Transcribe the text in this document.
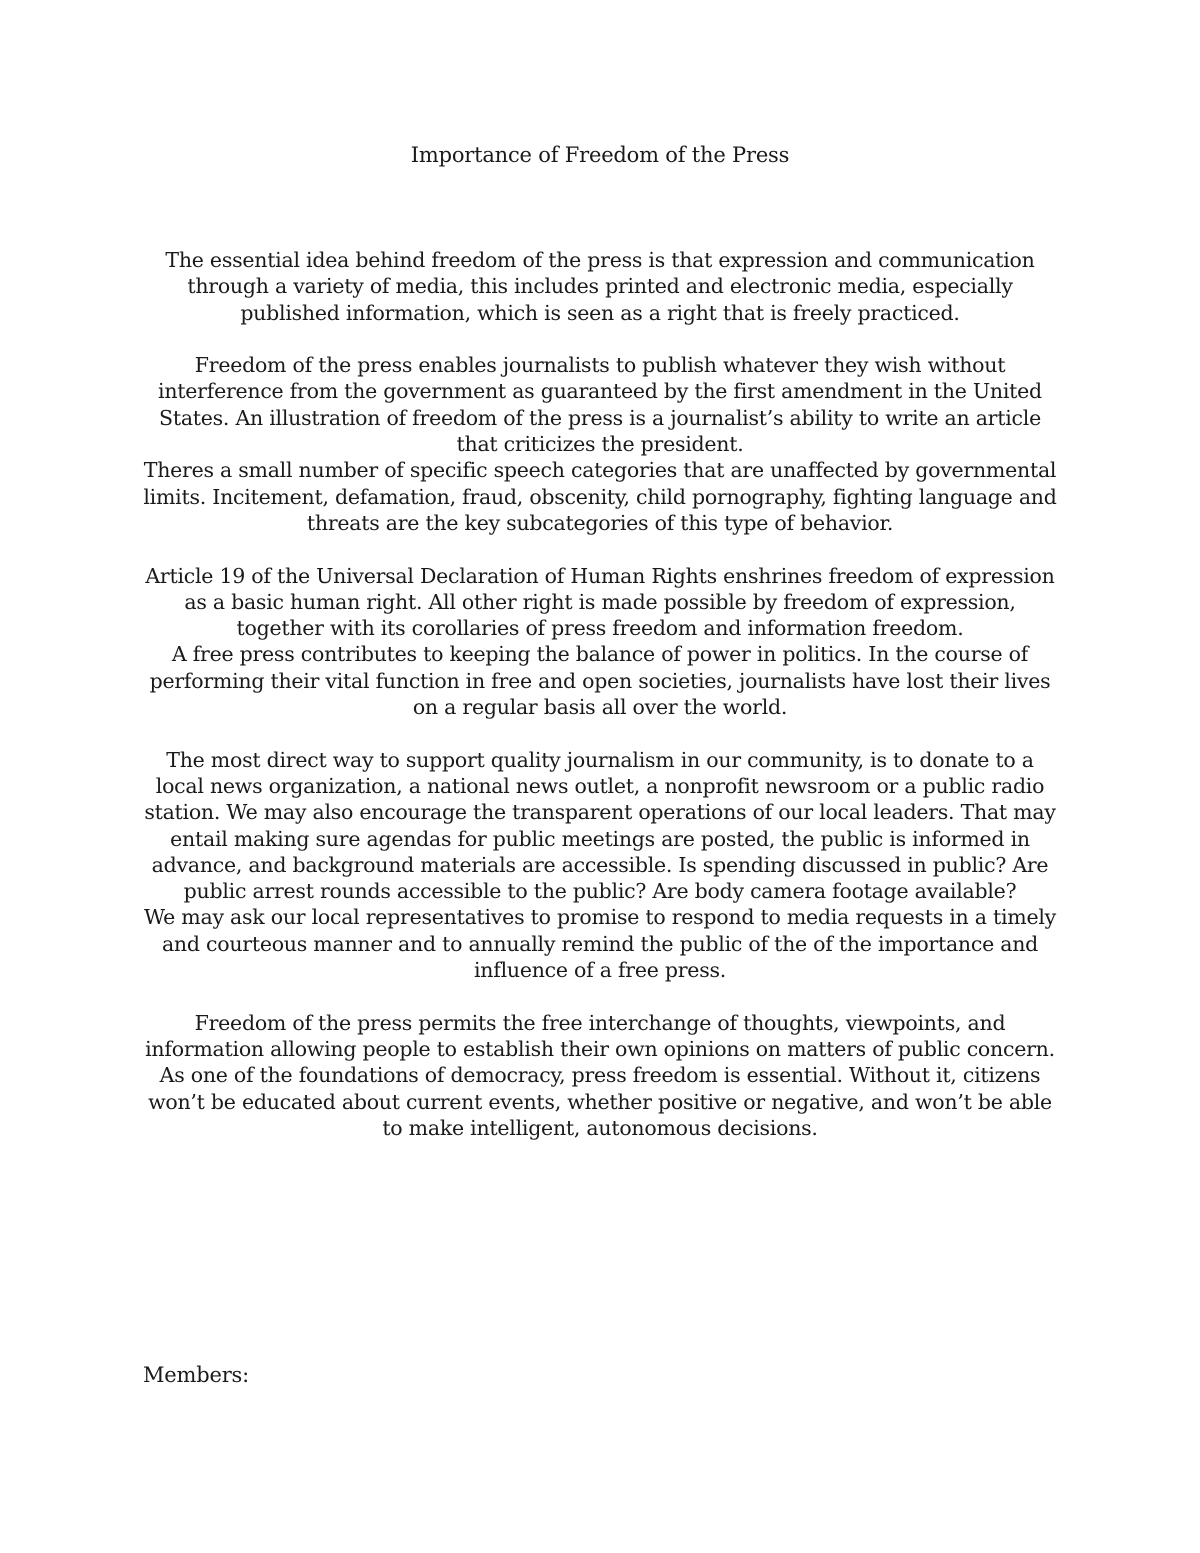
Importance of Freedom of the Press

The essential idea behind freedom of the press is that expression and communication through a variety of media, this includes printed and electronic media, especially published information, which is seen as a right that is freely practiced.

Freedom of the press enables journalists to publish whatever they wish without interference from the government as guaranteed by the first amendment in the United States. An illustration of freedom of the press is a journalist’s ability to write an article that criticizes the president.

Theres a small number of specific speech categories that are unaffected by governmental limits. Incitement, defamation, fraud, obscenity, child pornography, fighting language and threats are the key subcategories of this type of behavior.

Article 19 of the Universal Declaration of Human Rights enshrines freedom of expression as a basic human right. All other right is made possible by freedom of expression, together with its corollaries of press freedom and information freedom.

A free press contributes to keeping the balance of power in politics. In the course of performing their vital function in free and open societies, journalists have lost their lives on a regular basis all over the world.

The most direct way to support quality journalism in our community, is to donate to a local news organization, a national news outlet, a nonprofit newsroom or a public radio station. We may also encourage the transparent operations of our local leaders. That may entail making sure agendas for public meetings are posted, the public is informed in advance, and background materials are accessible. Is spending discussed in public? Are public arrest rounds accessible to the public? Are body camera footage available?

We may ask our local representatives to promise to respond to media requests in a timely and courteous manner and to annually remind the public of the of the importance and influence of a free press.

Freedom of the press permits the free interchange of thoughts, viewpoints, and information allowing people to establish their own opinions on matters of public concern. As one of the foundations of democracy, press freedom is essential. Without it, citizens won’t be educated about current events, whether positive or negative, and won’t be able to make intelligent, autonomous decisions.

Members:
